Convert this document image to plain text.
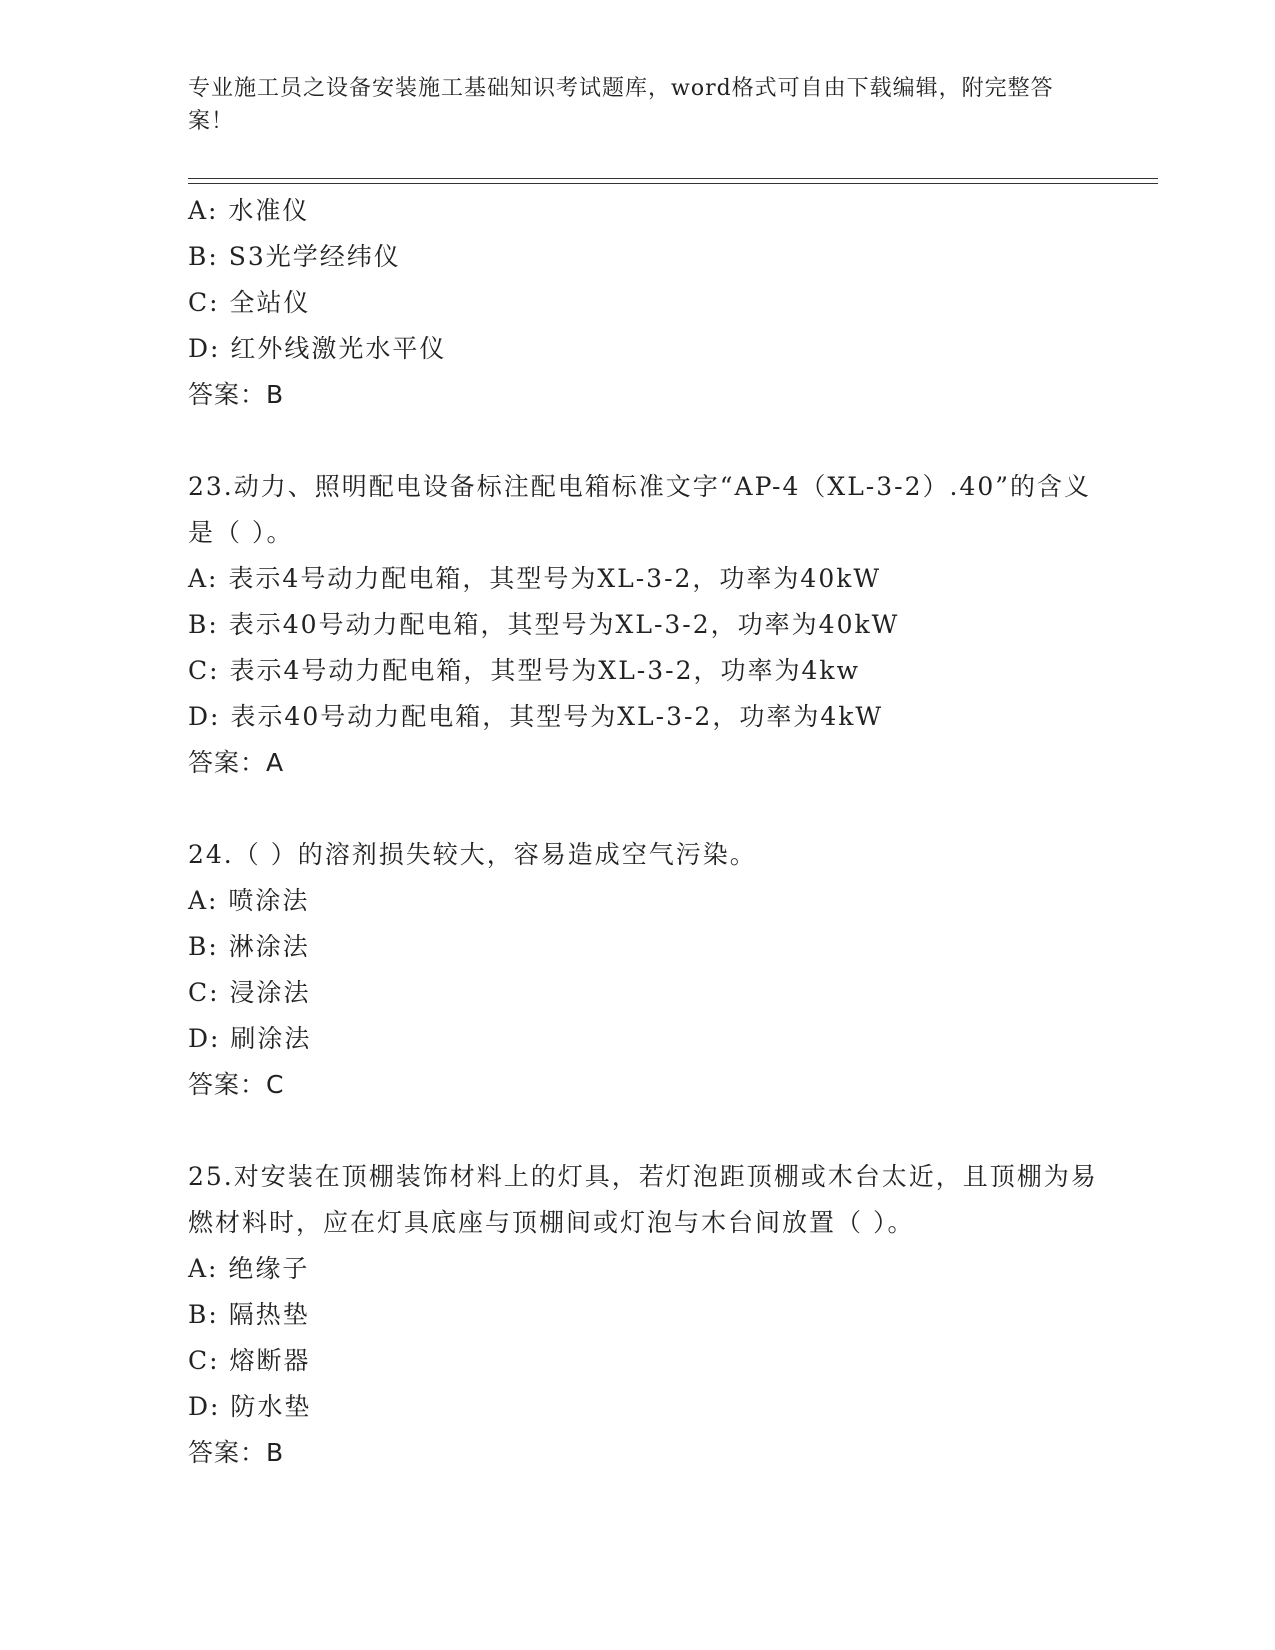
专业施工员之设备安装施工基础知识考试题库，word格式可自由下载编辑，附完整答案！
A: 水准仪
B: S3光学经纬仪
C: 全站仪
D: 红外线激光水平仪
答案：B
23.动力、照明配电设备标注配电箱标准文字“AP-4（XL-3-2）.40”的含义是（ ）。
A: 表示4号动力配电箱，其型号为XL-3-2，功率为40kW
B: 表示40号动力配电箱，其型号为XL-3-2，功率为40kW
C: 表示4号动力配电箱，其型号为XL-3-2，功率为4kw
D: 表示40号动力配电箱，其型号为XL-3-2，功率为4kW
答案：A
24.（ ）的溶剂损失较大，容易造成空气污染。
A: 喷涂法
B: 淋涂法
C: 浸涂法
D: 刷涂法
答案：C
25.对安装在顶棚装饰材料上的灯具，若灯泡距顶棚或木台太近，且顶棚为易燃材料时，应在灯具底座与顶棚间或灯泡与木台间放置（ ）。
A: 绝缘子
B: 隔热垫
C: 熔断器
D: 防水垫
答案：B
